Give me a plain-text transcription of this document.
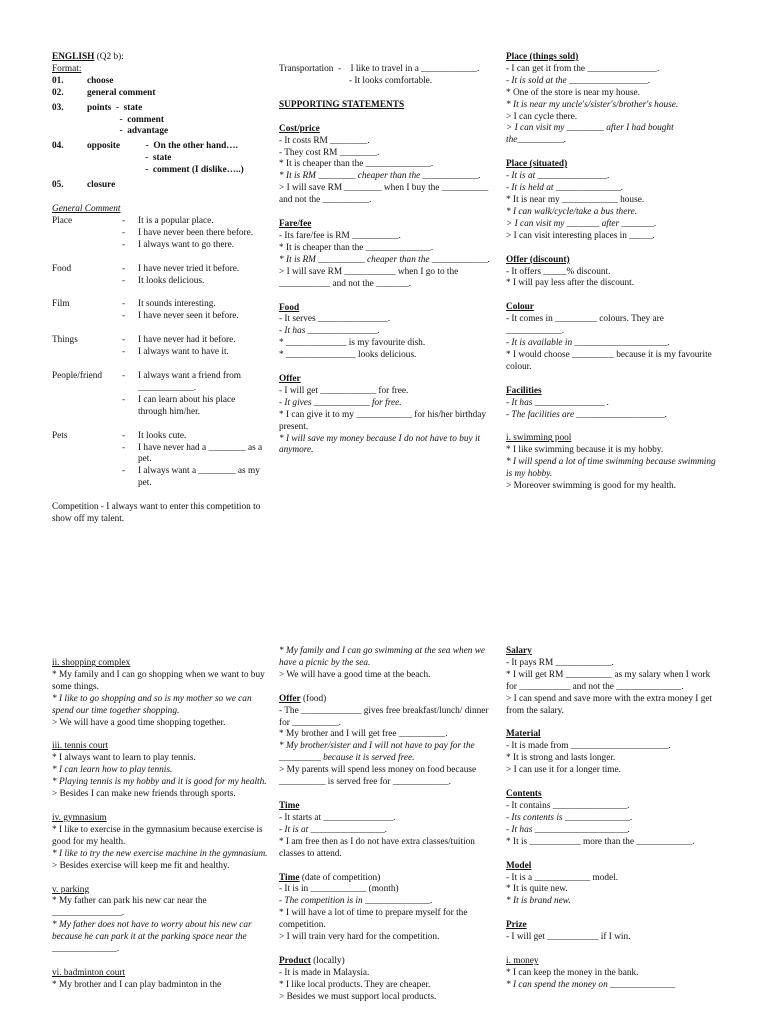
ENGLISH (Q2 b):

Format:

01.	choose
02.	general comment
03.	points  -  state
-  comment
-  advantage
04.	opposite           -  On the other hand….
-  state
-  comment (I dislike…..)
05.	closure

General Comment

Place	-	It is a popular place.
-	I have never been there before.
-	I always want to go there.
Food	-	I have never tried it before.
-	It looks delicious.
Film	-	It sounds interesting.
-	I have never seen it before.
Things	-	I have never had it before.
-	I always want to have it.
People/friend	-	I always want a friend from ____________.
-	I can learn about his place through him/her.
Pets	-	It looks cute.
-	I have never had a ________ as a pet.
-	I always want a ________ as my pet.

Competition - I always want to enter this competition to show off my talent.

Transportation  -    I like to travel in a ____________.

- It looks comfortable.

SUPPORTING STATEMENTS

Cost/price

- It costs RM ________.

- They cost RM ________.

* It is cheaper than the ______________.

* It is RM ________ cheaper than the ____________.

> I will save RM ________ when I buy the __________ and not the __________.

Fare/fee

- Its fare/fee is RM __________.

* It is cheaper than the ______________.

* It is RM __________ cheaper than the ____________.

> I will save RM ___________ when I go to the ___________ and not the _______.

Food

- It serves _______________.

- It has _______________.

* _____________ is my favourite dish.

* _______________ looks delicious.

Offer

- I will get ____________ for free.

- It gives ____________ for free.

* I can give it to my ____________ for his/her birthday present.

* I will save my money because I do not have to buy it anymore.

Place (things sold)

- I can get it from the _______________.

- It is sold at the _________________.

* One of the store is near my house.

* It is near my uncle's/sister's/brother's house.

> I can cycle there.

> I can visit my ________ after I had bought the__________.

Place (situated)

- It is at _______________.

- It is held at ______________.

* It is near my ____________ house.

* I can walk/cycle/take a bus there.

> I can visit my _______ after _______.

> I can visit interesting places in _____.

Offer (discount)

- It offers _____% discount.

* I will pay less after the discount.

Colour

- It comes in _________ colours. They are ____________.

- It is available in ____________________.

* I would choose _________ because it is my favourite colour.

Facilities

- It has _______________ .

- The facilities are ___________________.

i. swimming pool

* I like swimming because it is my hobby.

* I will spend a lot of time swimming because swimming is my hobby.

> Moreover swimming is good for my health.

ii. shopping complex

* My family and I can go shopping when we want to buy some things.

* I like to go shopping and so is my mother so we can spend our time together shopping.

> We will have a good time shopping together.

iii. tennis court

* I always want to learn to play tennis.

* I can learn how to play tennis.

* Playing tennis is my hobby and it is good for my health.

> Besides I can make new friends through sports.

iv. gymnasium

* I like to exercise in the gymnasium because exercise is good for my health.

* I like to try the new exercise machine in the gymnasium.

> Besides exercise will keep me fit and healthy.

v. parking

* My father can park his new car near the _______________.

* My father does not have to worry about his new car because he can park it at the parking space near the ______________.

vi. badminton court

* My brother and I can play badminton in the

* My family and I can go swimming at the sea when we have a picnic by the sea.

> We will have a good time at the beach.

Offer (food)

- The _____________ gives free breakfast/lunch/ dinner for __________.

* My brother and I will get free __________.

* My brother/sister and I will not have to pay for the _________ because it is served free.

> My parents will spend less money on food because __________ is served free for ____________.

Time

- It starts at _______________.

- It is at ________________.

* I am free then as I do not have extra classes/tuition classes to attend.

Time (date of competition)

- It is in ____________ (month)

- The competition is in ______________.

* I will have a lot of time to prepare myself for the competition.

> I will train very hard for the competition.

Product (locally)

- It is made in Malaysia.

* I like local products. They are cheaper.

> Besides we must support local products.

Salary

- It pays RM ____________.

* I will get RM __________ as my salary when I work for ___________ and not the ______________.

> I can spend and save more with the extra money I get from the salary.

Material

- It is made from _____________________.

* It is strong and lasts longer.

> I can use it for a longer time.

Contents

- It contains ________________.

- Its contents is ______________.

- It has ____________________.

* It is ___________ more than the ____________.

Model

- It is a ____________ model.

* It is quite new.

* It is brand new.

Prize

- I will get ___________ if I win.

i. money

* I can keep the money in the bank.

* I can spend the money on ______________
